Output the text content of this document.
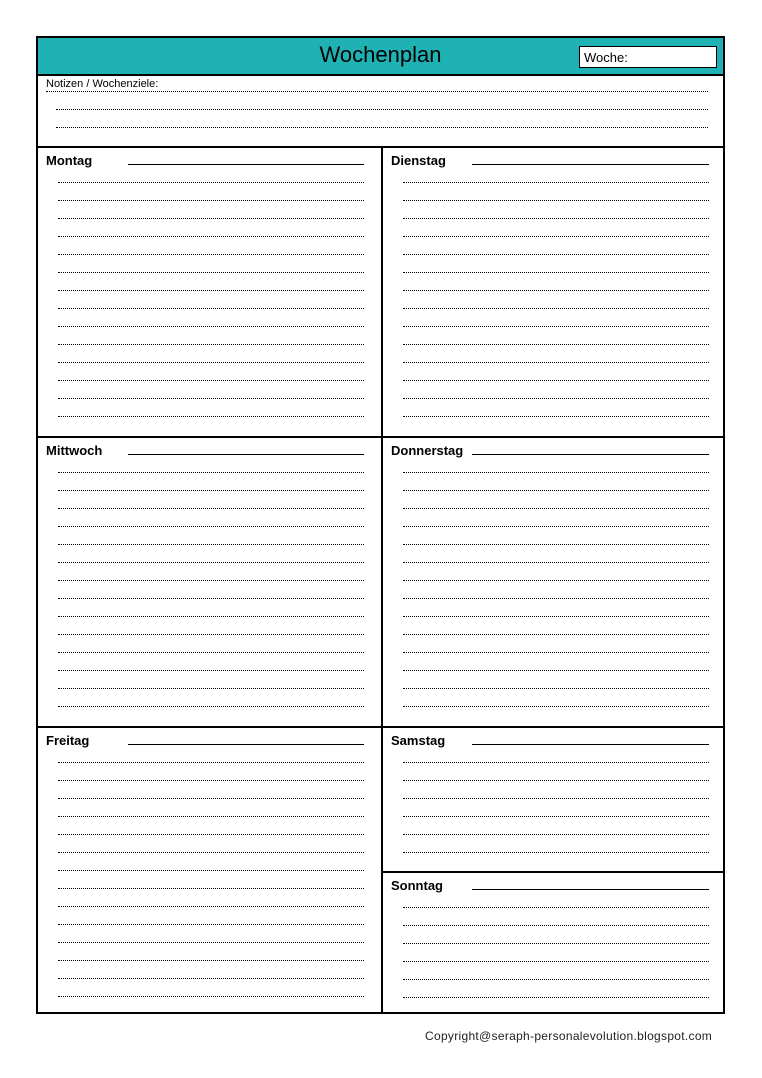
Wochenplan	Woche:
Notizen / Wochenziele:
Montag	Dienstag
Mittwoch	Donnerstag
Freitag	Samstag
Sonntag
Copyright@seraph-personalevolution.blogspot.com
